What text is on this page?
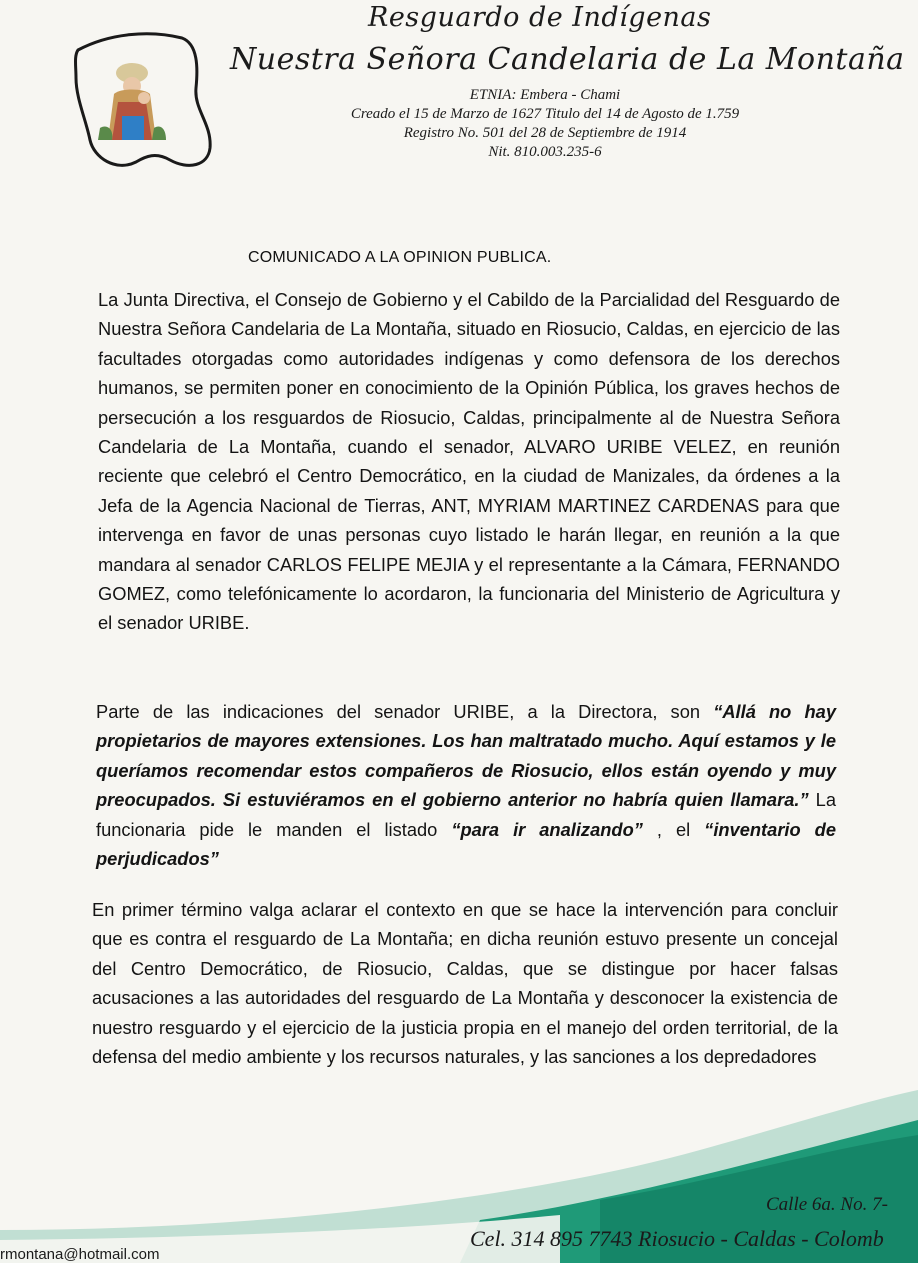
Resguardo de Indígenas
Nuestra Señora Candelaria de La Montaña
ETNIA: Embera - Chami
Creado el 15 de Marzo de 1627 Titulo del 14 de Agosto de 1.759
Registro No. 501 del 28 de Septiembre de 1914
Nit. 810.003.235-6
COMUNICADO A LA OPINION PUBLICA.

La Junta Directiva, el Consejo de Gobierno y el Cabildo de la Parcialidad del Resguardo de Nuestra Señora Candelaria de La Montaña, situado en Riosucio, Caldas, en ejercicio de las facultades otorgadas como autoridades indígenas y como defensora de los derechos humanos, se permiten poner en conocimiento de la Opinión Pública, los graves hechos de persecución a los resguardos de Riosucio, Caldas, principalmente al de Nuestra Señora Candelaria de La Montaña, cuando el senador, ALVARO URIBE VELEZ, en reunión reciente que celebró el Centro Democrático, en la ciudad de Manizales, da órdenes a la Jefa de la Agencia Nacional de Tierras, ANT, MYRIAM MARTINEZ CARDENAS para que intervenga en favor de unas personas cuyo listado le harán llegar, en reunión a la que mandara al senador CARLOS FELIPE MEJIA y el representante a la Cámara, FERNANDO GOMEZ, como telefónicamente lo acordaron, la funcionaria del Ministerio de Agricultura y el senador URIBE.

Parte de las indicaciones del senador URIBE, a la Directora, son “Allá no hay propietarios de mayores extensiones. Los han maltratado mucho. Aquí estamos y le queríamos recomendar estos compañeros de Riosucio, ellos están oyendo y muy preocupados. Si estuviéramos en el gobierno anterior no habría quien llamara.” La funcionaria pide le manden el listado “para ir analizando” , el “inventario de perjudicados”

En primer término valga aclarar el contexto en que se hace la intervención para concluir que es contra el resguardo de La Montaña; en dicha reunión estuvo presente un concejal del Centro Democrático, de Riosucio, Caldas, que se distingue por hacer falsas acusaciones a las autoridades del resguardo de La Montaña y desconocer la existencia de nuestro resguardo y el ejercicio de la justicia propia en el manejo del orden territorial, de la defensa del medio ambiente y los recursos naturales, y las sanciones a los depredadores

Calle 6a. No. 7-
Cel. 314 895 7743 Riosucio - Caldas - Colomb
rmontana@hotmail.com
